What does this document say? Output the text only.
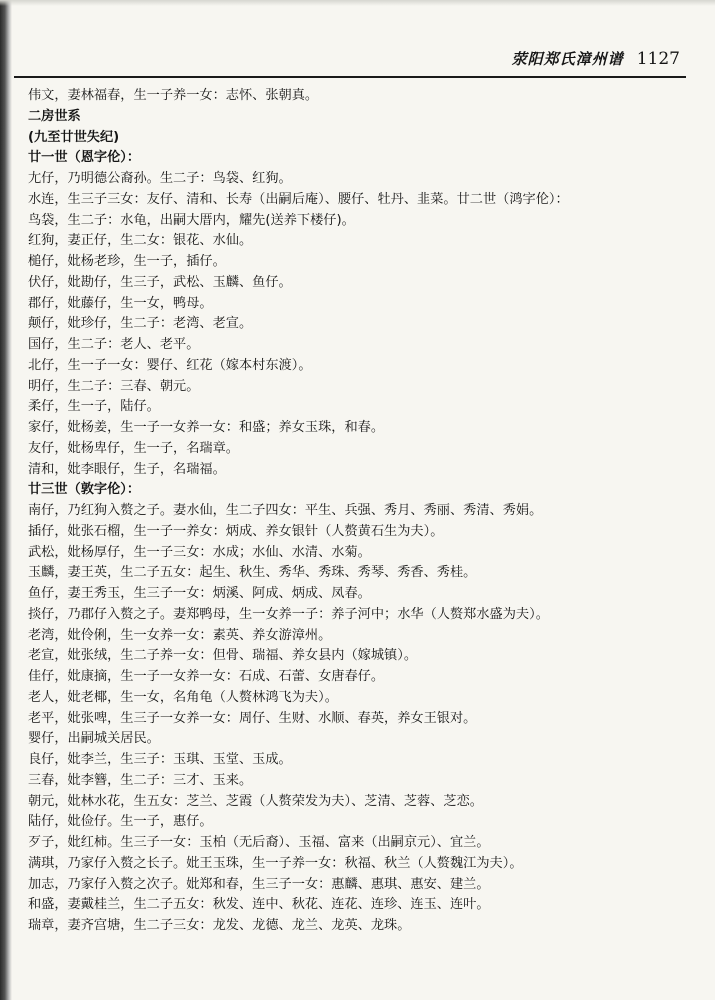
荥阳郑氏漳州谱 1127
伟文，妻林福春，生一子养一女：志怀、张朝真。
二房世系
(九至廿世失纪)
廿一世（恩字伦）：
尢仔，乃明德公裔孙。生二子：鸟袋、红狗。
水连，生三子三女：友仔、清和、长寿（出嗣后庵）、腰仔、牡丹、韭菜。廿二世（鸿字伦）：
鸟袋，生二子：水龟，出嗣大厝内，耀先(送养下楼仔)。
红狗，妻正仔，生二女：银花、水仙。
槌仔，妣杨老珍，生一子，插仔。
伏仔，妣勘仔，生三子，武松、玉麟、鱼仔。
郡仔，妣藤仔，生一女，鸭母。
颠仔，妣珍仔，生二子：老湾、老宣。
国仔，生二子：老人、老平。
北仔，生一子一女：婴仔、红花（嫁本村东渡）。
明仔，生二子：三春、朝元。
柔仔，生一子，陆仔。
家仔，妣杨姜，生一子一女养一女：和盛；养女玉珠，和春。
友仔，妣杨卑仔，生一子，名瑞章。
清和，妣李眼仔，生子，名瑞福。
廿三世（敦字伦）：
南仔，乃红狗入赘之子。妻水仙，生二子四女：平生、兵强、秀月、秀丽、秀清、秀娟。
插仔，妣张石榴，生一子一养女：炳成、养女银针（人赘黄石生为夫）。
武松，妣杨厚仔，生一子三女：水成；水仙、水清、水菊。
玉麟，妻王英，生二子五女：起生、秋生、秀华、秀珠、秀琴、秀香、秀桂。
鱼仔，妻王秀玉，生三子一女：炳溪、阿成、炳成、凤春。
掞仔，乃郡仔入赘之子。妻郑鸭母，生一女养一子：养子河中；水华（人赘郑水盛为夫）。
老湾，妣伶俐，生一女养一女：素英、养女游漳州。
老宣，妣张绒，生二子养一女：但骨、瑞福、养女县内（嫁城镇）。
佳仔，妣康摘，生一子一女养一女：石成、石蕾、女唐春仔。
老人，妣老椰，生一女，名角龟（人赘林鸿飞为夫）。
老平，妣张啤，生三子一女养一女：周仔、生财、水顺、春英，养女王银对。
婴仔，出嗣城关居民。
良仔，妣李兰，生三子：玉琪、玉堂、玉成。
三春，妣李簪，生二子：三才、玉来。
朝元，妣林水花，生五女：芝兰、芝霞（人赘荣发为夫）、芝清、芝蓉、芝恋。
陆仔，妣俭仔。生一子，惠仔。
歹子，妣红柿。生三子一女：玉柏（无后裔）、玉福、富来（出嗣京元）、宜兰。
满琪，乃家仔入赘之长子。妣王玉珠，生一子养一女：秋福、秋兰（人赘魏江为夫）。
加志，乃家仔入赘之次子。妣郑和春，生三子一女：惠麟、惠琪、惠安、建兰。
和盛，妻戴桂兰，生二子五女：秋发、连中、秋花、连花、连珍、连玉、连叶。
瑞章，妻齐宫塘，生二子三女：龙发、龙德、龙兰、龙英、龙珠。
